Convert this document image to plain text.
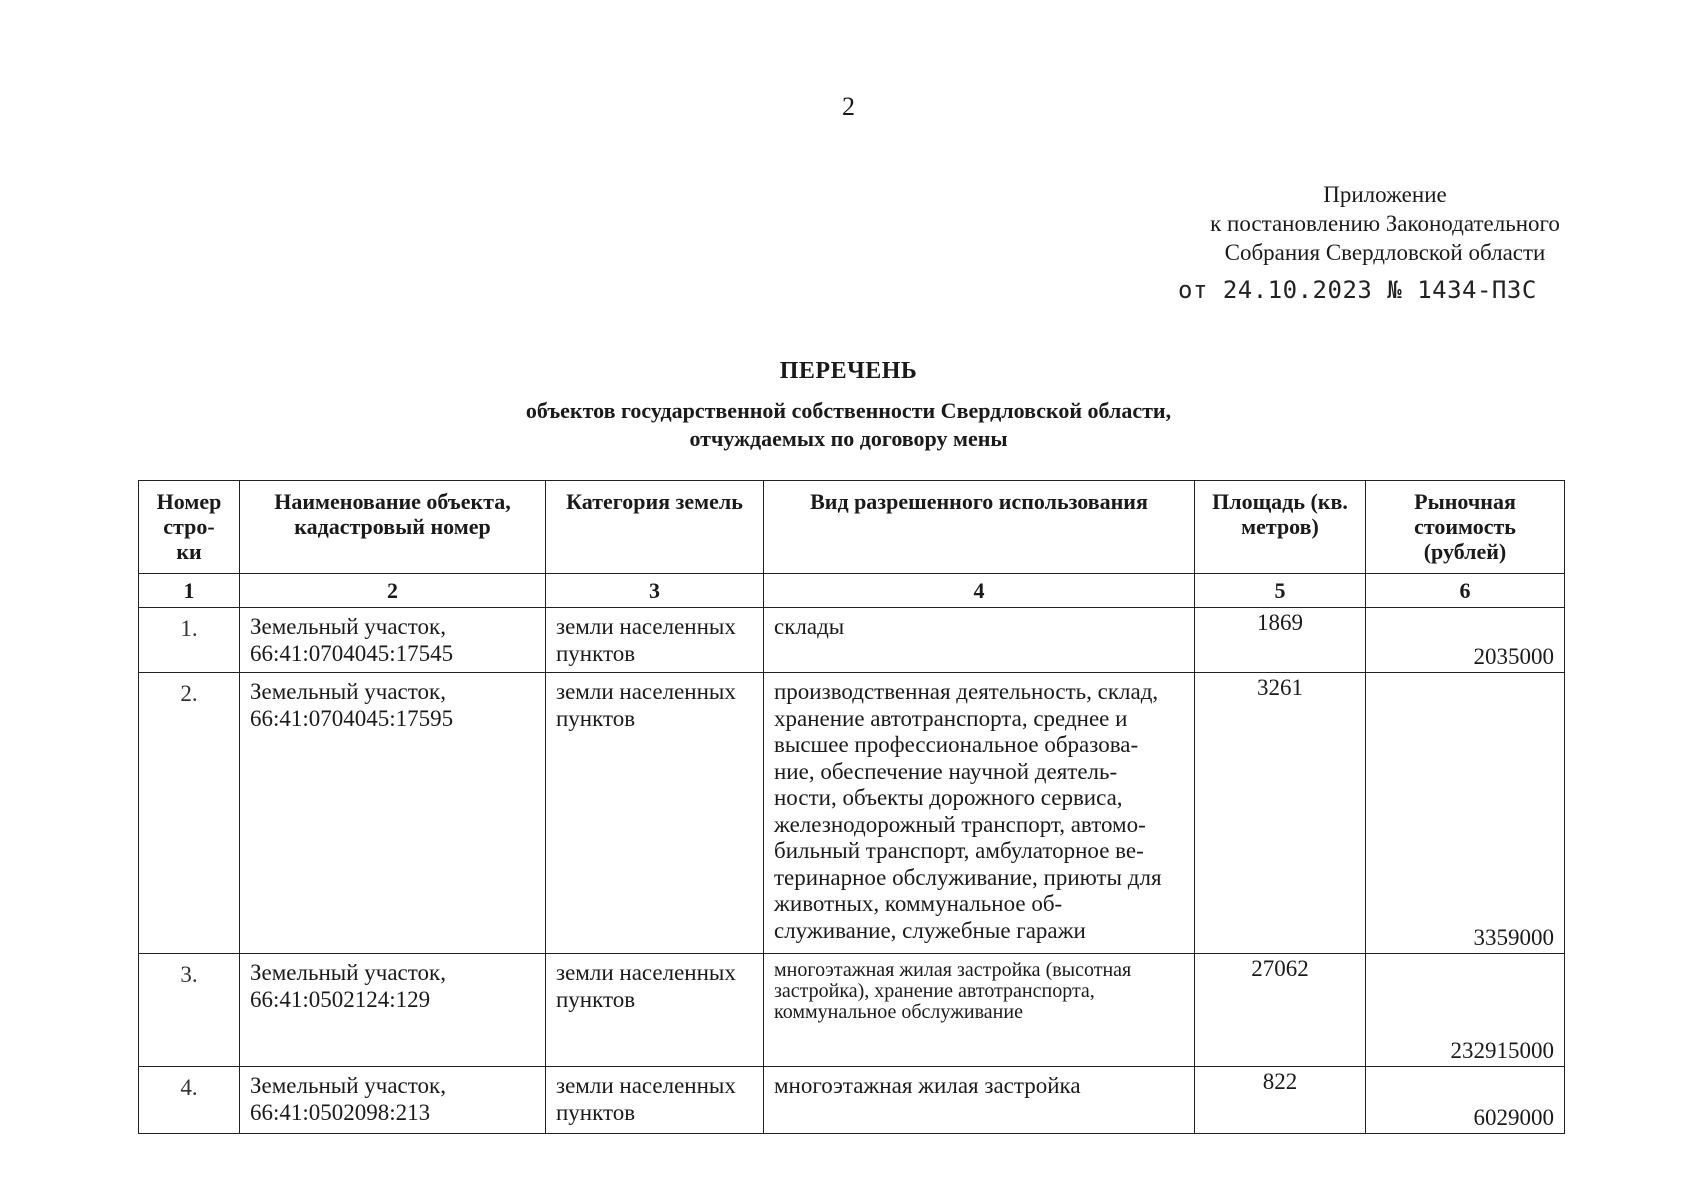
2
Приложение
к постановлению Законодательного
Собрания Свердловской области
от 24.10.2023 № 1434-ПЗС
ПЕРЕЧЕНЬ
объектов государственной собственности Свердловской области,
отчуждаемых по договору мены
Номер стро- ки	Наименование объекта, кадастровый номер	Категория земель	Вид разрешенного использования	Площадь (кв. метров)	Рыночная стоимость (рублей)
1	2	3	4	5	6
1.	Земельный участок, 66:41:0704045:17545	земли населенных пунктов	склады	1869	2035000
2.	Земельный участок, 66:41:0704045:17595	земли населенных пунктов	производственная деятельность, склад, хранение автотранспорта, среднее и высшее профессиональное образова- ние, обеспечение научной деятель- ности, объекты дорожного сервиса, железнодорожный транспорт, автомо- бильный транспорт, амбулаторное ве- теринарное обслуживание, приюты для животных, коммунальное об- служивание, служебные гаражи	3261	3359000
3.	Земельный участок, 66:41:0502124:129	земли населенных пунктов	многоэтажная жилая застройка (высотная застройка), хранение автотранспорта, коммунальное обслуживание	27062	232915000
4.	Земельный участок, 66:41:0502098:213	земли населенных пунктов	многоэтажная жилая застройка	822	6029000
